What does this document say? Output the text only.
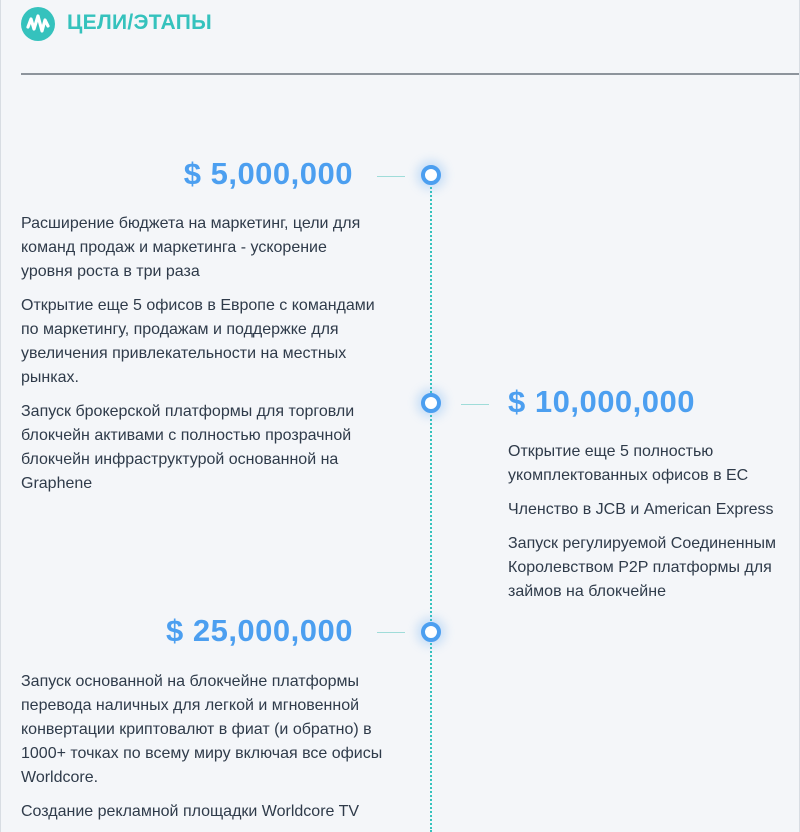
ЦЕЛИ/ЭТАПЫ
$ 5,000,000

Расширение бюджета на маркетинг, цели для команд продаж и маркетинга - ускорение уровня роста в три раза

Открытие еще 5 офисов в Европе с командами по маркетингу, продажам и поддержке для увеличения привлекательности на местных рынках.

Запуск брокерской платформы для торговли блокчейн активами с полностью прозрачной блокчейн инфраструктурой основанной на Graphene

$ 10,000,000

Открытие еще 5 полностью укомплектованных офисов в ЕС

Членство в JCB и American Express

Запуск регулируемой Соединенным Королевством P2P платформы для займов на блокчейне

$ 25,000,000

Запуск основанной на блокчейне платформы перевода наличных для легкой и мгновенной конвертации криптовалют в фиат (и обратно) в 1000+ точках по всему миру включая все офисы Worldcore.

Создание рекламной площадки Worldcore TV
